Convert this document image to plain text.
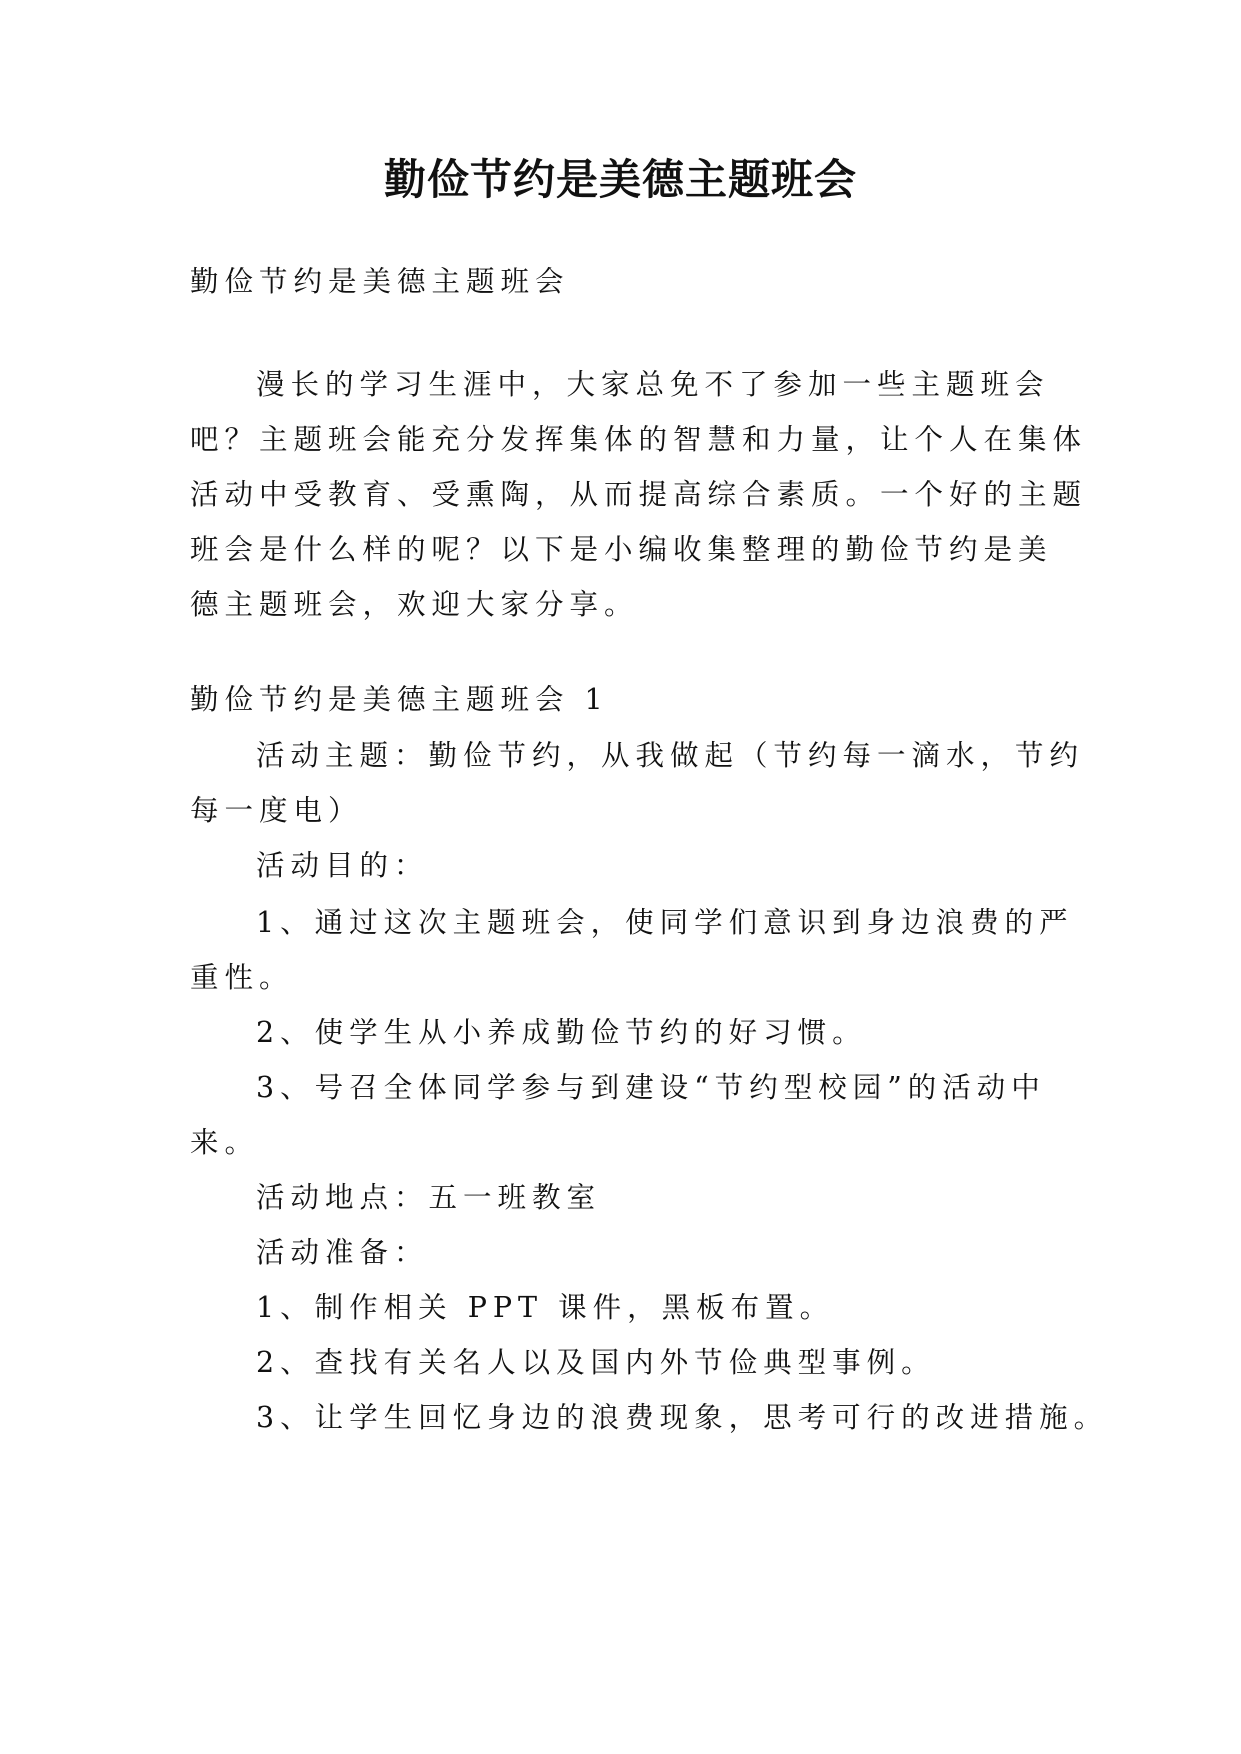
勤俭节约是美德主题班会
勤俭节约是美德主题班会
漫长的学习生涯中，大家总免不了参加一些主题班会
吧？主题班会能充分发挥集体的智慧和力量，让个人在集体
活动中受教育、受熏陶，从而提高综合素质。一个好的主题
班会是什么样的呢？以下是小编收集整理的勤俭节约是美
德主题班会，欢迎大家分享。
勤俭节约是美德主题班会 1
活动主题：勤俭节约，从我做起（节约每一滴水，节约
每一度电）
活动目的：
1、通过这次主题班会，使同学们意识到身边浪费的严
重性。
2、使学生从小养成勤俭节约的好习惯。
3、号召全体同学参与到建设“节约型校园”的活动中
来。
活动地点：五一班教室
活动准备：
1、制作相关 PPT 课件，黑板布置。
2、查找有关名人以及国内外节俭典型事例。
3、让学生回忆身边的浪费现象，思考可行的改进措施。
